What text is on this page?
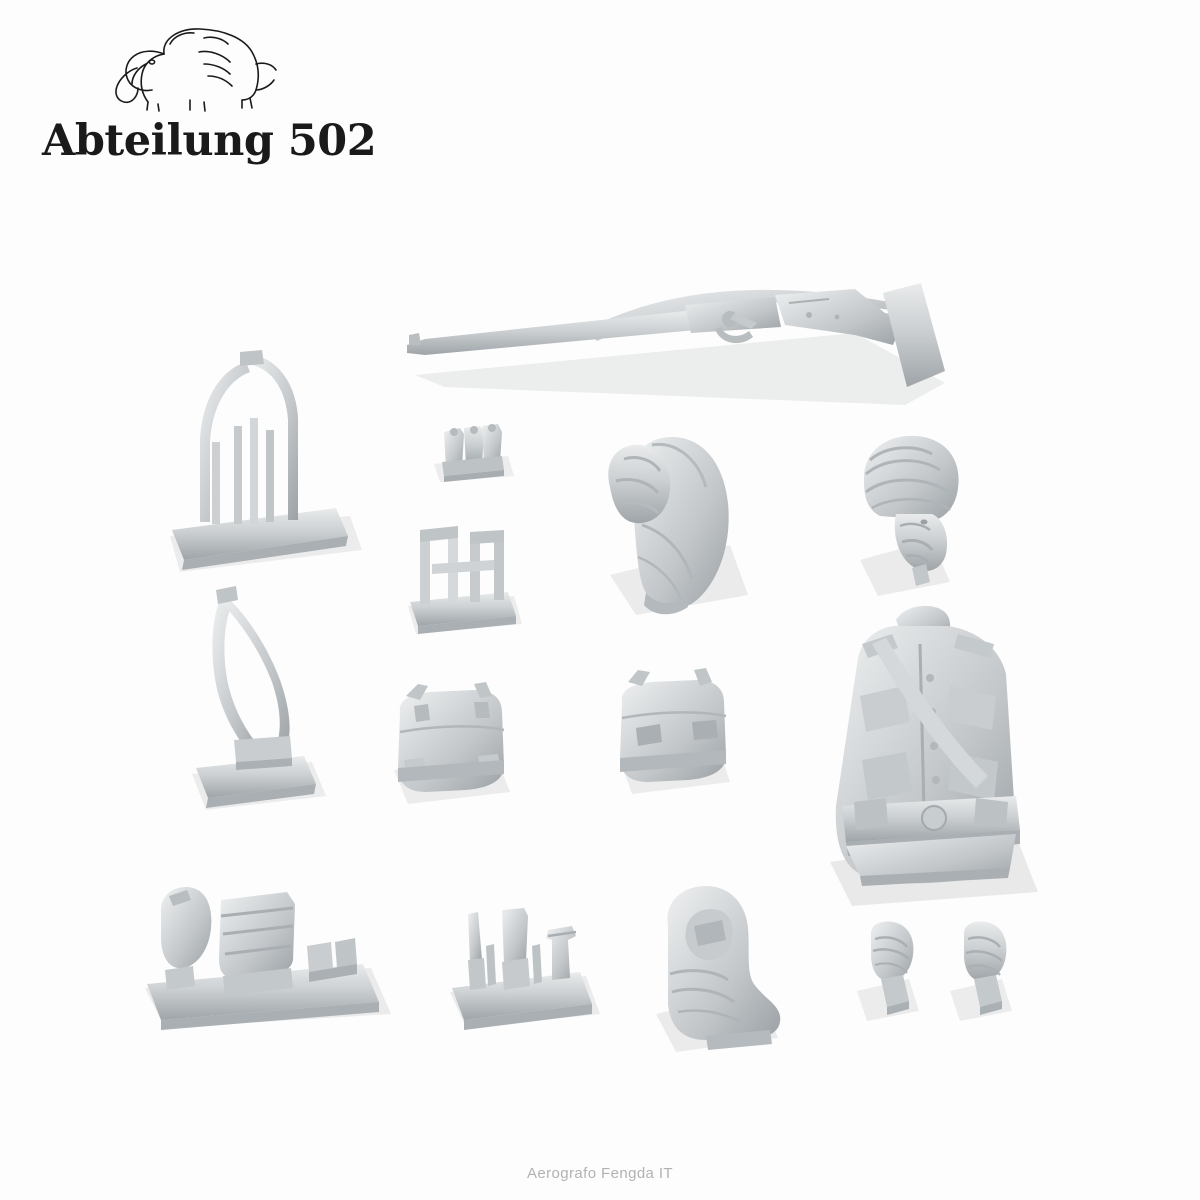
Abteilung 502
Aerografo Fengda IT
